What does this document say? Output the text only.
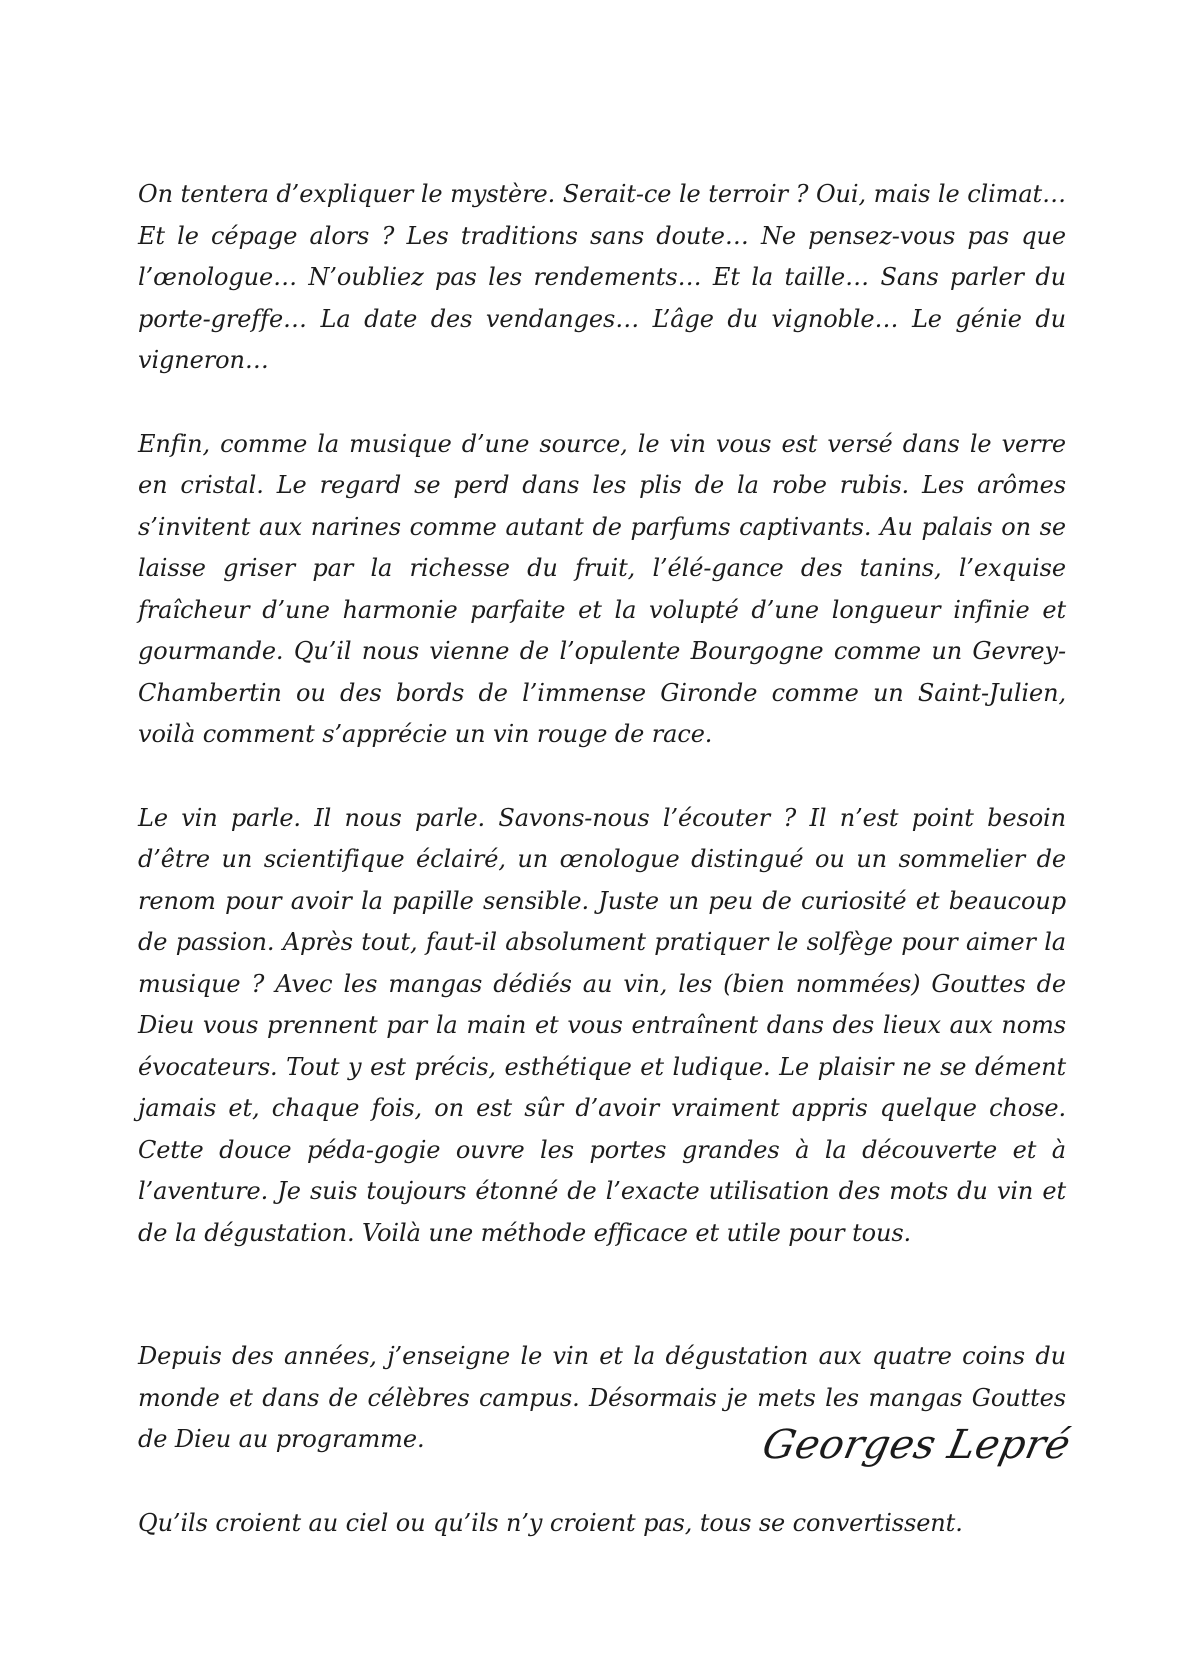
On tentera d’expliquer le mystère. Serait-ce le terroir ? Oui, mais le climat… Et le cépage alors ? Les traditions sans doute… Ne pensez-vous pas que l’œnologue… N’oubliez pas les rendements… Et la taille… Sans parler du porte-greffe… La date des vendanges… L’âge du vignoble… Le génie du vigneron…

Enfin, comme la musique d’une source, le vin vous est versé dans le verre en cristal. Le regard se perd dans les plis de la robe rubis. Les arômes s’invitent aux narines comme autant de parfums captivants. Au palais on se laisse griser par la richesse du fruit, l’élé-gance des tanins, l’exquise fraîcheur d’une harmonie parfaite et la volupté d’une longueur infinie et gourmande. Qu’il nous vienne de l’opulente Bourgogne comme un Gevrey-Chambertin ou des bords de l’immense Gironde comme un Saint-Julien, voilà comment s’apprécie un vin rouge de race.

Le vin parle. Il nous parle. Savons-nous l’écouter ? Il n’est point besoin d’être un scientifique éclairé, un œnologue distingué ou un sommelier de renom pour avoir la papille sensible. Juste un peu de curiosité et beaucoup de passion. Après tout, faut-il absolument pratiquer le solfège pour aimer la musique ? Avec les mangas dédiés au vin, les (bien nommées) Gouttes de Dieu vous prennent par la main et vous entraînent dans des lieux aux noms évocateurs. Tout y est précis, esthétique et ludique. Le plaisir ne se dément jamais et, chaque fois, on est sûr d’avoir vraiment appris quelque chose. Cette douce péda-gogie ouvre les portes grandes à la découverte et à l’aventure. Je suis toujours étonné de l’exacte utilisation des mots du vin et de la dégustation. Voilà une méthode efficace et utile pour tous.

Depuis des années, j’enseigne le vin et la dégustation aux quatre coins du monde et dans de célèbres campus. Désormais je mets les mangas Gouttes de Dieu au programme.

Qu’ils croient au ciel ou qu’ils n’y croient pas, tous se convertissent.

Georges Lepré
